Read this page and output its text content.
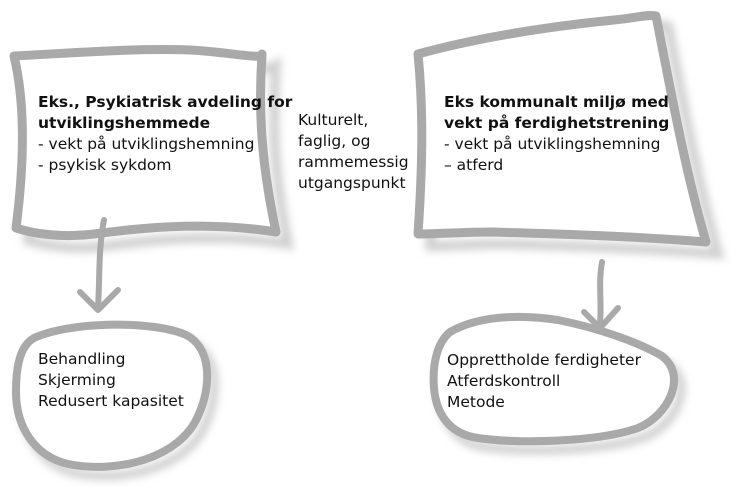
Eks., Psykiatrisk avdeling for
utviklingshemmede
- vekt på utviklingshemning
- psykisk sykdom
Eks kommunalt miljø med
vekt på ferdighetstrening
- vekt på utviklingshemning
– atferd
Kulturelt,
faglig, og
rammemessig
utgangspunkt
Behandling
Skjerming
Redusert kapasitet
Opprettholde ferdigheter
Atferdskontroll
Metode
